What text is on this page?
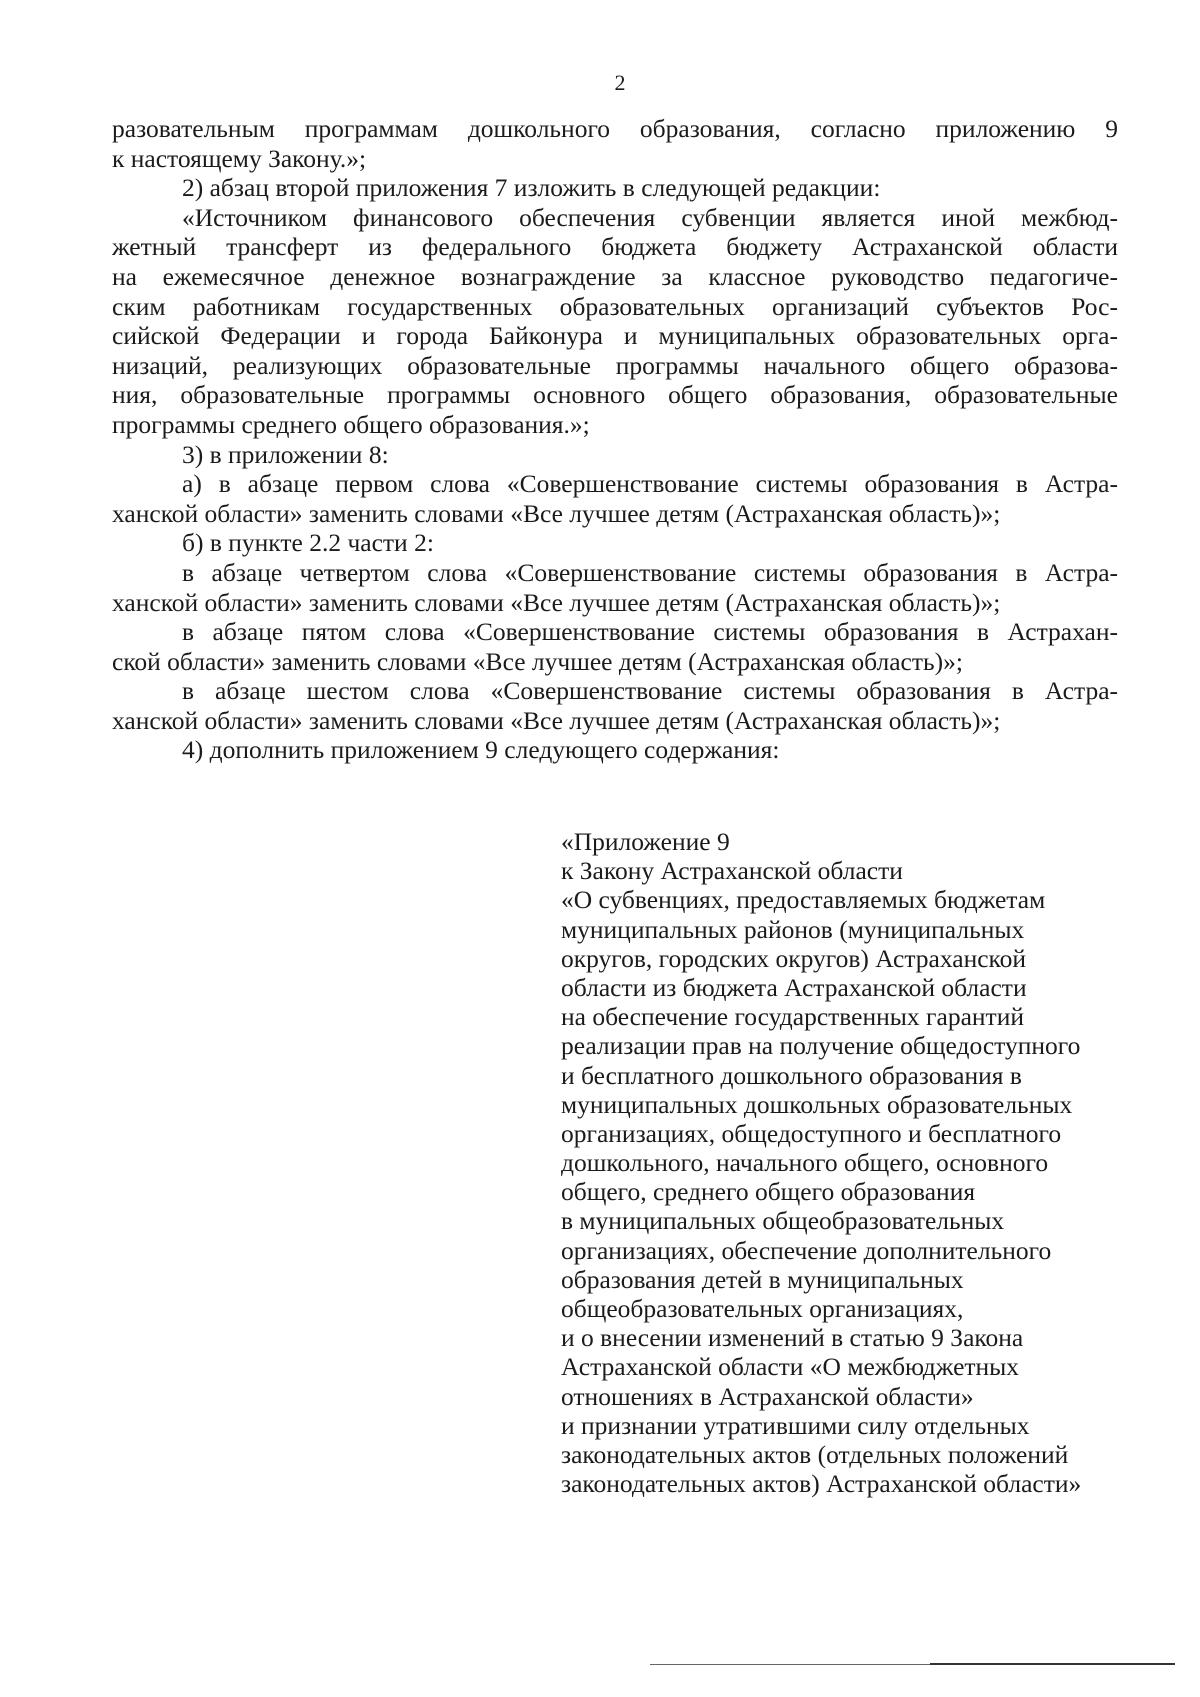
2
разовательным программам дошкольного образования, согласно приложению 9
к настоящему Закону.»;
2) абзац второй приложения 7 изложить в следующей редакции:
«Источником финансового обеспечения субвенции является иной межбюд-
жетный трансферт из федерального бюджета бюджету Астраханской области
на ежемесячное денежное вознаграждение за классное руководство педагогиче-
ским работникам государственных образовательных организаций субъектов Рос-
сийской Федерации и города Байконура и муниципальных образовательных орга-
низаций, реализующих образовательные программы начального общего образова-
ния, образовательные программы основного общего образования, образовательные
программы среднего общего образования.»;
3) в приложении 8:
а) в абзаце первом слова «Совершенствование системы образования в Астра-
ханской области» заменить словами «Все лучшее детям (Астраханская область)»;
б) в пункте 2.2 части 2:
в абзаце четвертом слова «Совершенствование системы образования в Астра-
ханской области» заменить словами «Все лучшее детям (Астраханская область)»;
в абзаце пятом слова «Совершенствование системы образования в Астрахан-
ской области» заменить словами «Все лучшее детям (Астраханская область)»;
в абзаце шестом слова «Совершенствование системы образования в Астра-
ханской области» заменить словами «Все лучшее детям (Астраханская область)»;
4) дополнить приложением 9 следующего содержания:
«Приложение 9
к Закону Астраханской области
«О субвенциях, предоставляемых бюджетам
муниципальных районов (муниципальных
округов, городских округов) Астраханской
области из бюджета Астраханской области
на обеспечение государственных гарантий
реализации прав на получение общедоступного
и бесплатного дошкольного образования в
муниципальных дошкольных образовательных
организациях, общедоступного и бесплатного
дошкольного, начального общего, основного
общего, среднего общего образования
в муниципальных общеобразовательных
организациях, обеспечение дополнительного
образования детей в муниципальных
общеобразовательных организациях,
и о внесении изменений в статью 9 Закона
Астраханской области «О межбюджетных
отношениях в Астраханской области»
и признании утратившими силу отдельных
законодательных актов (отдельных положений
законодательных актов) Астраханской области»
